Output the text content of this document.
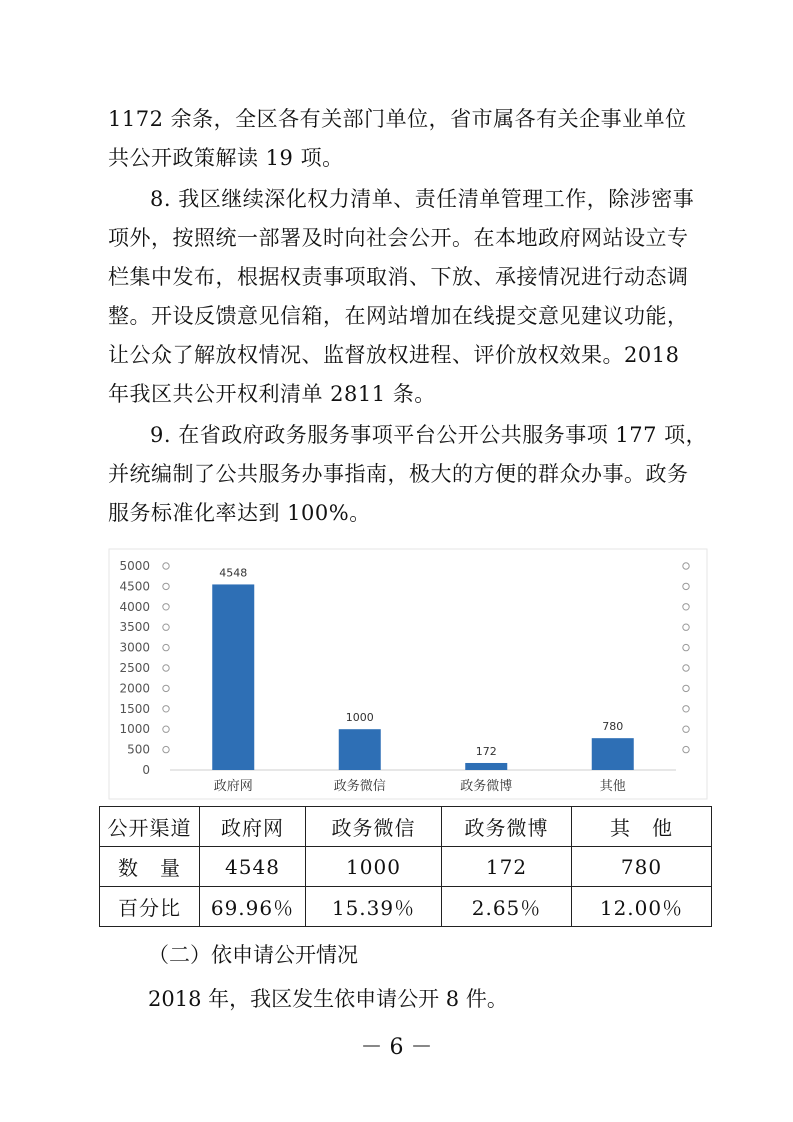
1172 余条，全区各有关部门单位，省市属各有关企事业单位共公开政策解读 19 项。

8. 我区继续深化权力清单、责任清单管理工作，除涉密事项外，按照统一部署及时向社会公开。在本地政府网站设立专栏集中发布，根据权责事项取消、下放、承接情况进行动态调整。开设反馈意见信箱，在网站增加在线提交意见建议功能，让公众了解放权情况、监督放权进程、评价放权效果。2018 年我区共公开权利清单 2811 条。

9. 在省政府政务服务事项平台公开公共服务事项 177 项，并统编制了公共服务办事指南，极大的方便的群众办事。政务服务标准化率达到 100%。

0
500
1000
1500
2000
2500
3000
3500
4000
4500
5000	4548
政府网
1000
政务微信
172
政务微博
780
其他
公开渠道	政府网	政务微信	政务微博	其　他
数　量	4548	1000	172	780
百分比	69.96％	15.39％	2.65％	12.00％

（二）依申请公开情况

2018 年，我区发生依申请公开 8 件。

－ 6 －
